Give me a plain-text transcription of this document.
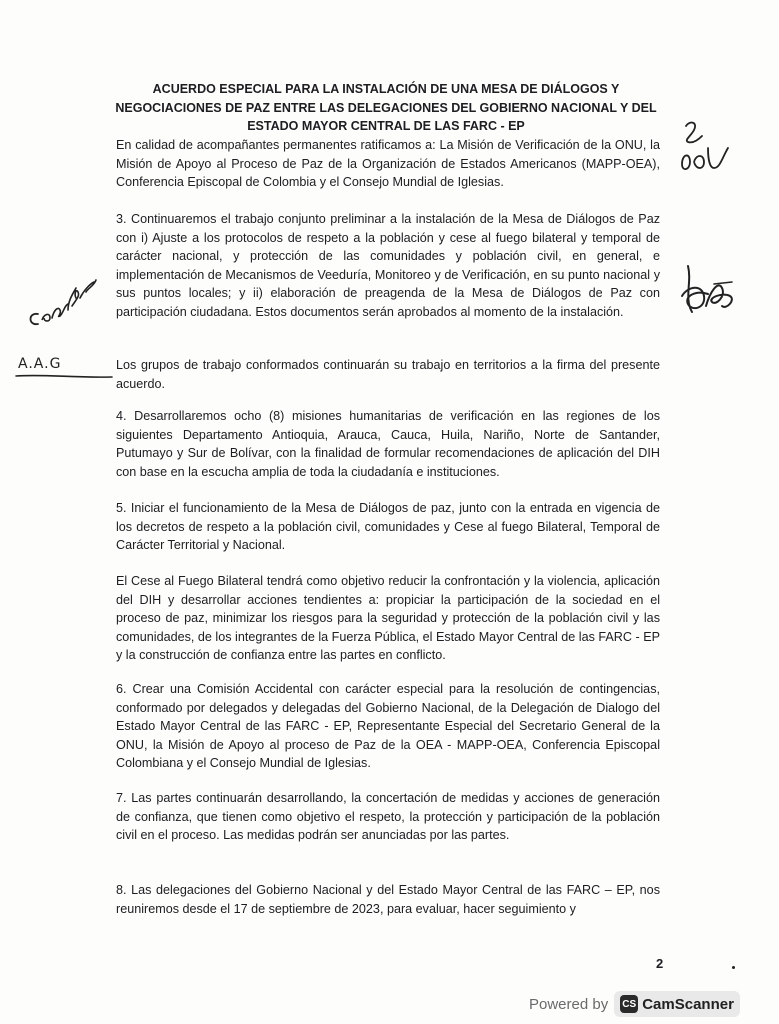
ACUERDO ESPECIAL PARA LA INSTALACIÓN DE UNA MESA DE DIÁLOGOS Y NEGOCIACIONES DE PAZ ENTRE LAS DELEGACIONES DEL GOBIERNO NACIONAL Y DEL ESTADO MAYOR CENTRAL DE LAS FARC - EP
En calidad de acompañantes permanentes ratificamos a: La Misión de Verificación de la ONU, la Misión de Apoyo al Proceso de Paz de la Organización de Estados Americanos (MAPP-OEA), Conferencia Episcopal de Colombia y el Consejo Mundial de Iglesias.
3. Continuaremos el trabajo conjunto preliminar a la instalación de la Mesa de Diálogos de Paz con i) Ajuste a los protocolos de respeto a la población y cese al fuego bilateral y temporal de carácter nacional, y protección de las comunidades y población civil, en general, e implementación de Mecanismos de Veeduría, Monitoreo y de Verificación, en su punto nacional y sus puntos locales; y ii) elaboración de preagenda de la Mesa de Diálogos de Paz con participación ciudadana. Estos documentos serán aprobados al momento de la instalación.
Los grupos de trabajo conformados continuarán su trabajo en territorios a la firma del presente acuerdo.
4. Desarrollaremos ocho (8) misiones humanitarias de verificación en las regiones de los siguientes Departamento Antioquia, Arauca, Cauca, Huila, Nariño, Norte de Santander, Putumayo y Sur de Bolívar, con la finalidad de formular recomendaciones de aplicación del DIH con base en la escucha amplia de toda la ciudadanía e instituciones.
5. Iniciar el funcionamiento de la Mesa de Diálogos de paz, junto con la entrada en vigencia de los decretos de respeto a la población civil, comunidades y Cese al fuego Bilateral, Temporal de Carácter Territorial y Nacional.
El Cese al Fuego Bilateral tendrá como objetivo reducir la confrontación y la violencia, aplicación del DIH y desarrollar acciones tendientes a: propiciar la participación de la sociedad en el proceso de paz, minimizar los riesgos para la seguridad y protección de la población civil y las comunidades, de los integrantes de la Fuerza Pública, el Estado Mayor Central de las FARC - EP y la construcción de confianza entre las partes en conflicto.
6. Crear una Comisión Accidental con carácter especial para la resolución de contingencias, conformado por delegados y delegadas del Gobierno Nacional, de la Delegación de Dialogo del Estado Mayor Central de las FARC - EP, Representante Especial del Secretario General de la ONU, la Misión de Apoyo al proceso de Paz de la OEA - MAPP-OEA, Conferencia Episcopal Colombiana y el Consejo Mundial de Iglesias.
7. Las partes continuarán desarrollando, la concertación de medidas y acciones de generación de confianza, que tienen como objetivo el respeto, la protección y participación de la población civil en el proceso. Las medidas podrán ser anunciadas por las partes.
8. Las delegaciones del Gobierno Nacional y del Estado Mayor Central de las FARC – EP, nos reuniremos desde el 17 de septiembre de 2023, para evaluar, hacer seguimiento y
2
A.A.G
Powered by CS CamScanner
